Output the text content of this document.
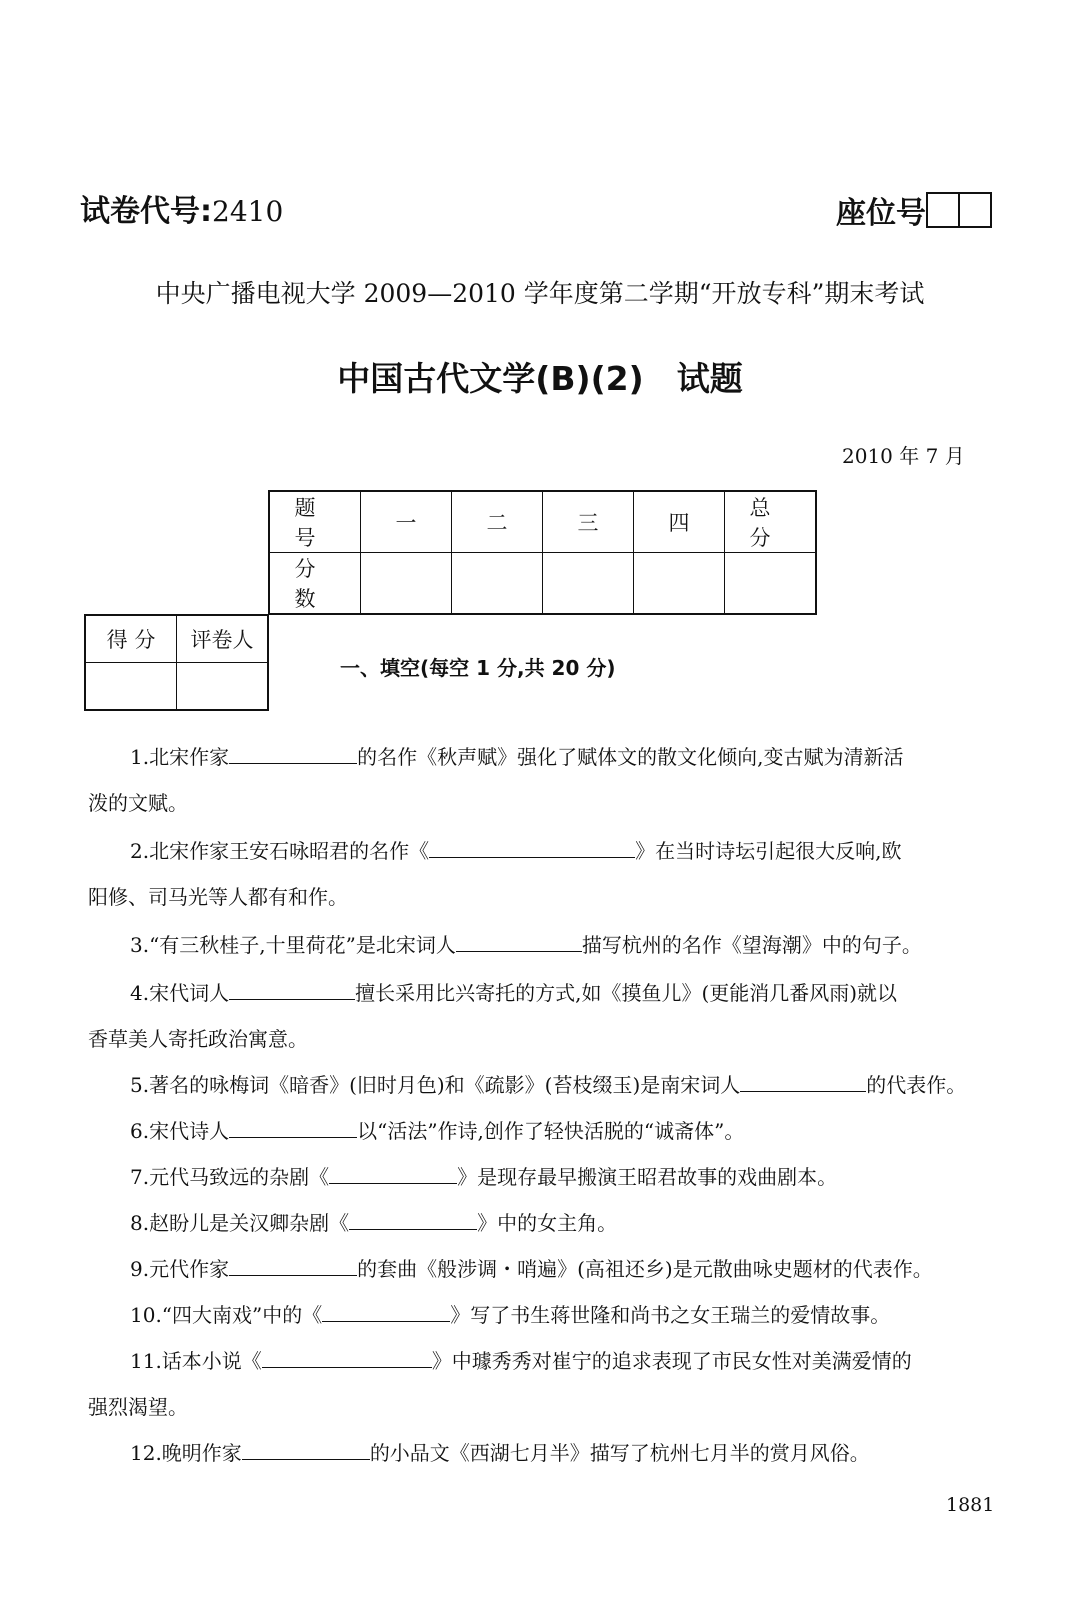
试卷代号:2410	座位号
中央广播电视大学 2009—2010 学年度第二学期“开放专科”期末考试
中国古代文学(B)(2)　试题
2010 年 7 月
题 号	一	二	三	四	总 分
分 数					
得 分	评卷人

一、填空(每空 1 分,共 20 分)
1.北宋作家	的名作《秋声赋》强化了赋体文的散文化倾向,变古赋为清新活
泼的文赋。
2.北宋作家王安石咏昭君的名作《	》在当时诗坛引起很大反响,欧
阳修、司马光等人都有和作。
3.“有三秋桂子,十里荷花”是北宋词人	描写杭州的名作《望海潮》中的句子。
4.宋代词人	擅长采用比兴寄托的方式,如《摸鱼儿》(更能消几番风雨)就以
香草美人寄托政治寓意。
5.著名的咏梅词《暗香》(旧时月色)和《疏影》(苔枝缀玉)是南宋词人	的代表作。
6.宋代诗人	以“活法”作诗,创作了轻快活脱的“诚斋体”。
7.元代马致远的杂剧《	》是现存最早搬演王昭君故事的戏曲剧本。
8.赵盼儿是关汉卿杂剧《	》中的女主角。
9.元代作家	的套曲《般涉调・哨遍》(高祖还乡)是元散曲咏史题材的代表作。
10.“四大南戏”中的《	》写了书生蒋世隆和尚书之女王瑞兰的爱情故事。
11.话本小说《	》中璩秀秀对崔宁的追求表现了市民女性对美满爱情的
强烈渴望。
12.晚明作家	的小品文《西湖七月半》描写了杭州七月半的赏月风俗。
1881
